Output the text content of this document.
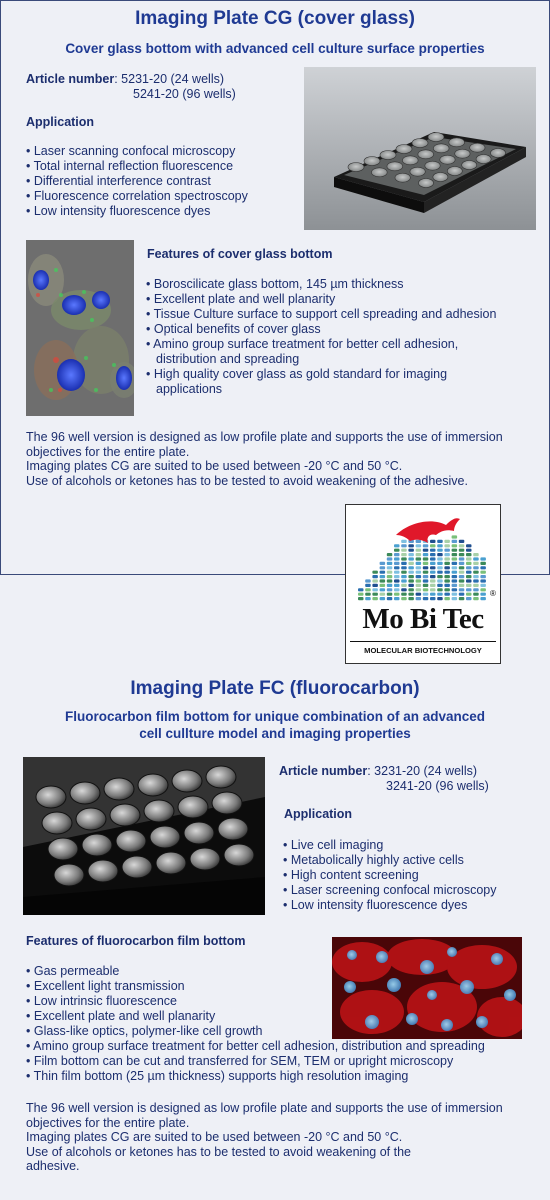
Imaging Plate CG (cover glass)
Cover glass bottom with advanced cell culture surface properties
Article number: 5231-20 (24 wells)
5241-20 (96 wells)
Application
• Laser scanning confocal microscopy
• Total internal reflection fluorescence
• Differential interference contrast
• Fluorescence correlation spectroscopy
• Low intensity fluorescence dyes
Features of cover glass bottom
• Boroscilicate glass bottom, 145 µm thickness
• Excellent plate and well planarity
• Tissue Culture surface to support cell spreading and adhesion
• Optical benefits of cover glass
• Amino group surface treatment for better cell adhesion, distribution and spreading
• High quality cover glass as gold standard for imaging applications
The 96 well version is designed as low profile plate and supports the use of immersion objectives for the entire plate.
Imaging plates CG are suited to be used between -20 °C and 50 °C.
Use of alcohols or ketones has to be tested to avoid weakening of the adhesive.
®
Mo Bi Tec
MOLECULAR BIOTECHNOLOGY
Imaging Plate FC (fluorocarbon)
Fluorocarbon film bottom for unique combination of an advanced
cell cullture model and imaging properties
Article number: 3231-20 (24 wells)
3241-20 (96 wells)
Application
• Live cell imaging
• Metabolically highly active cells
• High content screening
• Laser screening confocal microscopy
• Low intensity fluorescence dyes
Features of fluorocarbon film bottom
• Gas permeable
• Excellent light transmission
• Low intrinsic fluorescence
• Excellent plate and well planarity
• Glass-like optics, polymer-like cell growth
• Amino group surface treatment for better cell adhesion, distribution and spreading
• Film bottom can be cut and transferred for SEM, TEM or upright microscopy
• Thin film bottom (25 µm thickness) supports high resolution imaging
The 96 well version is designed as low profile plate and supports the use of immersion objectives for the entire plate.
Imaging plates CG are suited to be used between -20 °C and 50 °C.
Use of alcohols or ketones has to be tested to avoid weakening of the adhesive.
